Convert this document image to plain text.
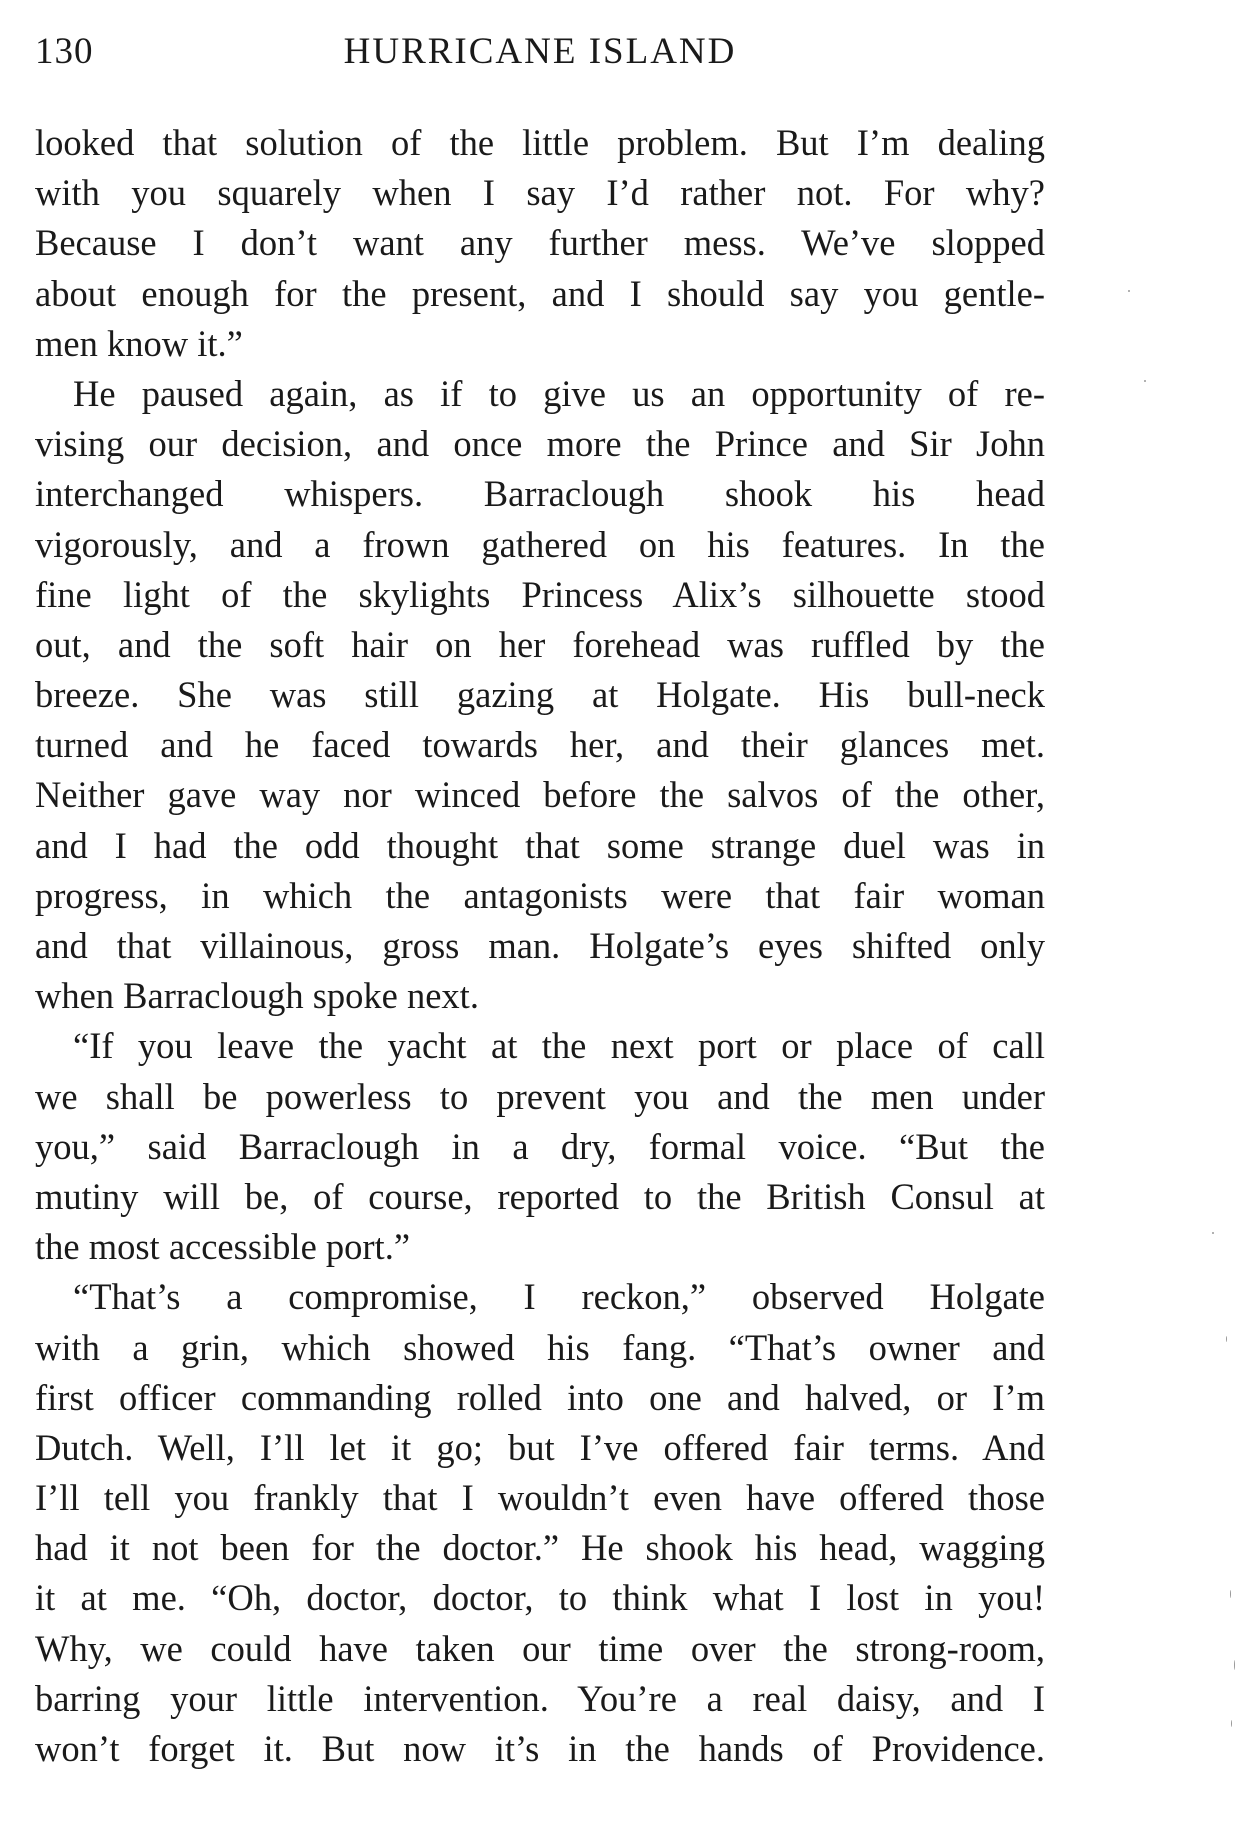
130	HURRICANE ISLAND

looked that solution of the little problem. But I’m dealing
with you squarely when I say I’d rather not. For why?
Because I don’t want any further mess. We’ve slopped
about enough for the present, and I should say you gentle-
men know it.”

He paused again, as if to give us an opportunity of re-
vising our decision, and once more the Prince and Sir John
interchanged whispers. Barraclough shook his head
vigorously, and a frown gathered on his features. In the
fine light of the skylights Princess Alix’s silhouette stood
out, and the soft hair on her forehead was ruffled by the
breeze. She was still gazing at Holgate. His bull-neck
turned and he faced towards her, and their glances met.
Neither gave way nor winced before the salvos of the other,
and I had the odd thought that some strange duel was in
progress, in which the antagonists were that fair woman
and that villainous, gross man. Holgate’s eyes shifted only
when Barraclough spoke next.

“If you leave the yacht at the next port or place of call
we shall be powerless to prevent you and the men under
you,” said Barraclough in a dry, formal voice. “But the
mutiny will be, of course, reported to the British Consul at
the most accessible port.”

“That’s a compromise, I reckon,” observed Holgate
with a grin, which showed his fang. “That’s owner and
first officer commanding rolled into one and halved, or I’m
Dutch. Well, I’ll let it go; but I’ve offered fair terms. And
I’ll tell you frankly that I wouldn’t even have offered those
had it not been for the doctor.” He shook his head, wagging
it at me. “Oh, doctor, doctor, to think what I lost in you!
Why, we could have taken our time over the strong-room,
barring your little intervention. You’re a real daisy, and I
won’t forget it. But now it’s in the hands of Providence.
